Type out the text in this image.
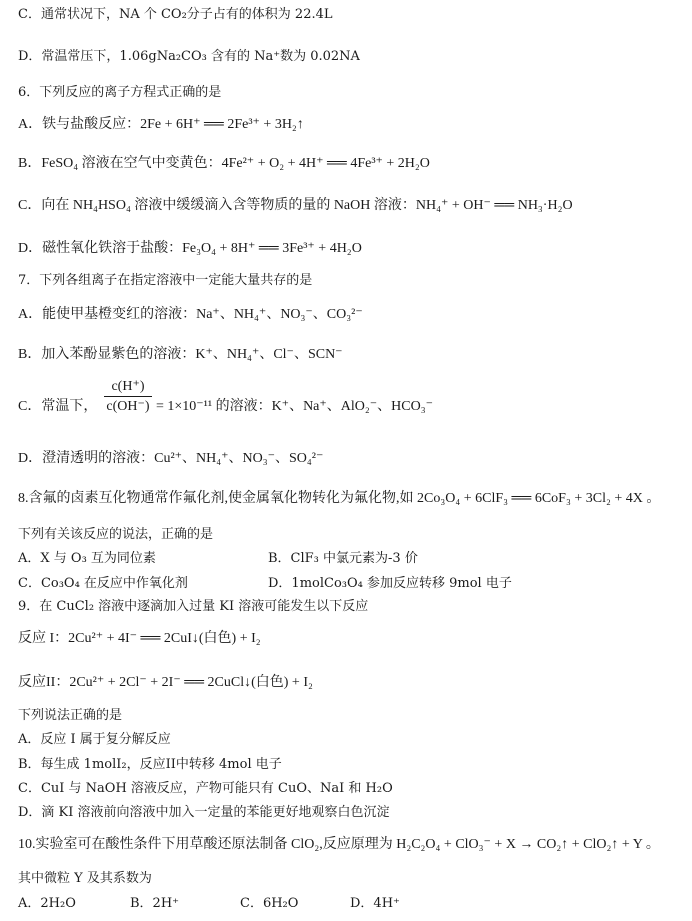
C．通常状况下，NA 个 CO₂分子占有的体积为 22.4L
D．常温常压下，1.06gNa₂CO₃ 含有的 Na⁺数为 0.02NA
6．下列反应的离子方程式正确的是
A．铁与盐酸反应：2Fe + 6H⁺ ══ 2Fe³⁺ + 3H₂↑
B．FeSO₄ 溶液在空气中变黄色：4Fe²⁺ + O₂ + 4H⁺ ══ 4Fe³⁺ + 2H₂O
C．向在 NH₄HSO₄ 溶液中缓缓滴入含等物质的量的 NaOH 溶液：NH₄⁺ + OH⁻ ══ NH₃·H₂O
D．磁性氧化铁溶于盐酸：Fe₃O₄ + 8H⁺ ══ 3Fe³⁺ + 4H₂O
7．下列各组离子在指定溶液中一定能大量共存的是
A．能使甲基橙变红的溶液：Na⁺、NH₄⁺、NO₃⁻、CO₃²⁻
B．加入苯酚显紫色的溶液：K⁺、NH₄⁺、Cl⁻、SCN⁻
C．常温下， $\frac{c(H^+)}{c(OH^-)} = 1\times 10^{-11}$ 的溶液：K⁺、Na⁺、AlO₂⁻、HCO₃⁻
D．澄清透明的溶液：Cu²⁺、NH₄⁺、NO₃⁻、SO₄²⁻
8.含氟的卤素互化物通常作氟化剂,使金属氧化物转化为氟化物,如 2Co₃O₄ + 6ClF₃ ══ 6CoF₃ + 3Cl₂ + 4X 。
下列有关该反应的说法，正确的是
A．X 与 O₃ 互为同位素	B．ClF₃ 中氯元素为-3 价
C．Co₃O₄ 在反应中作氧化剂	D．1molCo₃O₄ 参加反应转移 9mol 电子
9．在 CuCl₂ 溶液中逐滴加入过量 KI 溶液可能发生以下反应
反应 I：2Cu²⁺ + 4I⁻ ══ 2CuI↓(白色) + I₂
反应II：2Cu²⁺ + 2Cl⁻ + 2I⁻ ══ 2CuCl↓(白色) + I₂
下列说法正确的是
A．反应 I 属于复分解反应
B．每生成 1molI₂，反应II中转移 4mol 电子
C．CuI 与 NaOH 溶液反应，产物可能只有 CuO、NaI 和 H₂O
D．滴 KI 溶液前向溶液中加入一定量的苯能更好地观察白色沉淀
10.实验室可在酸性条件下用草酸还原法制备 ClO₂,反应原理为 H₂C₂O₄ + ClO₃⁻ + X → CO₂↑ + ClO₂↑ + Y 。
其中微粒 Y 及其系数为
A．2H₂O	B．2H⁺	C．6H₂O	D．4H⁺
